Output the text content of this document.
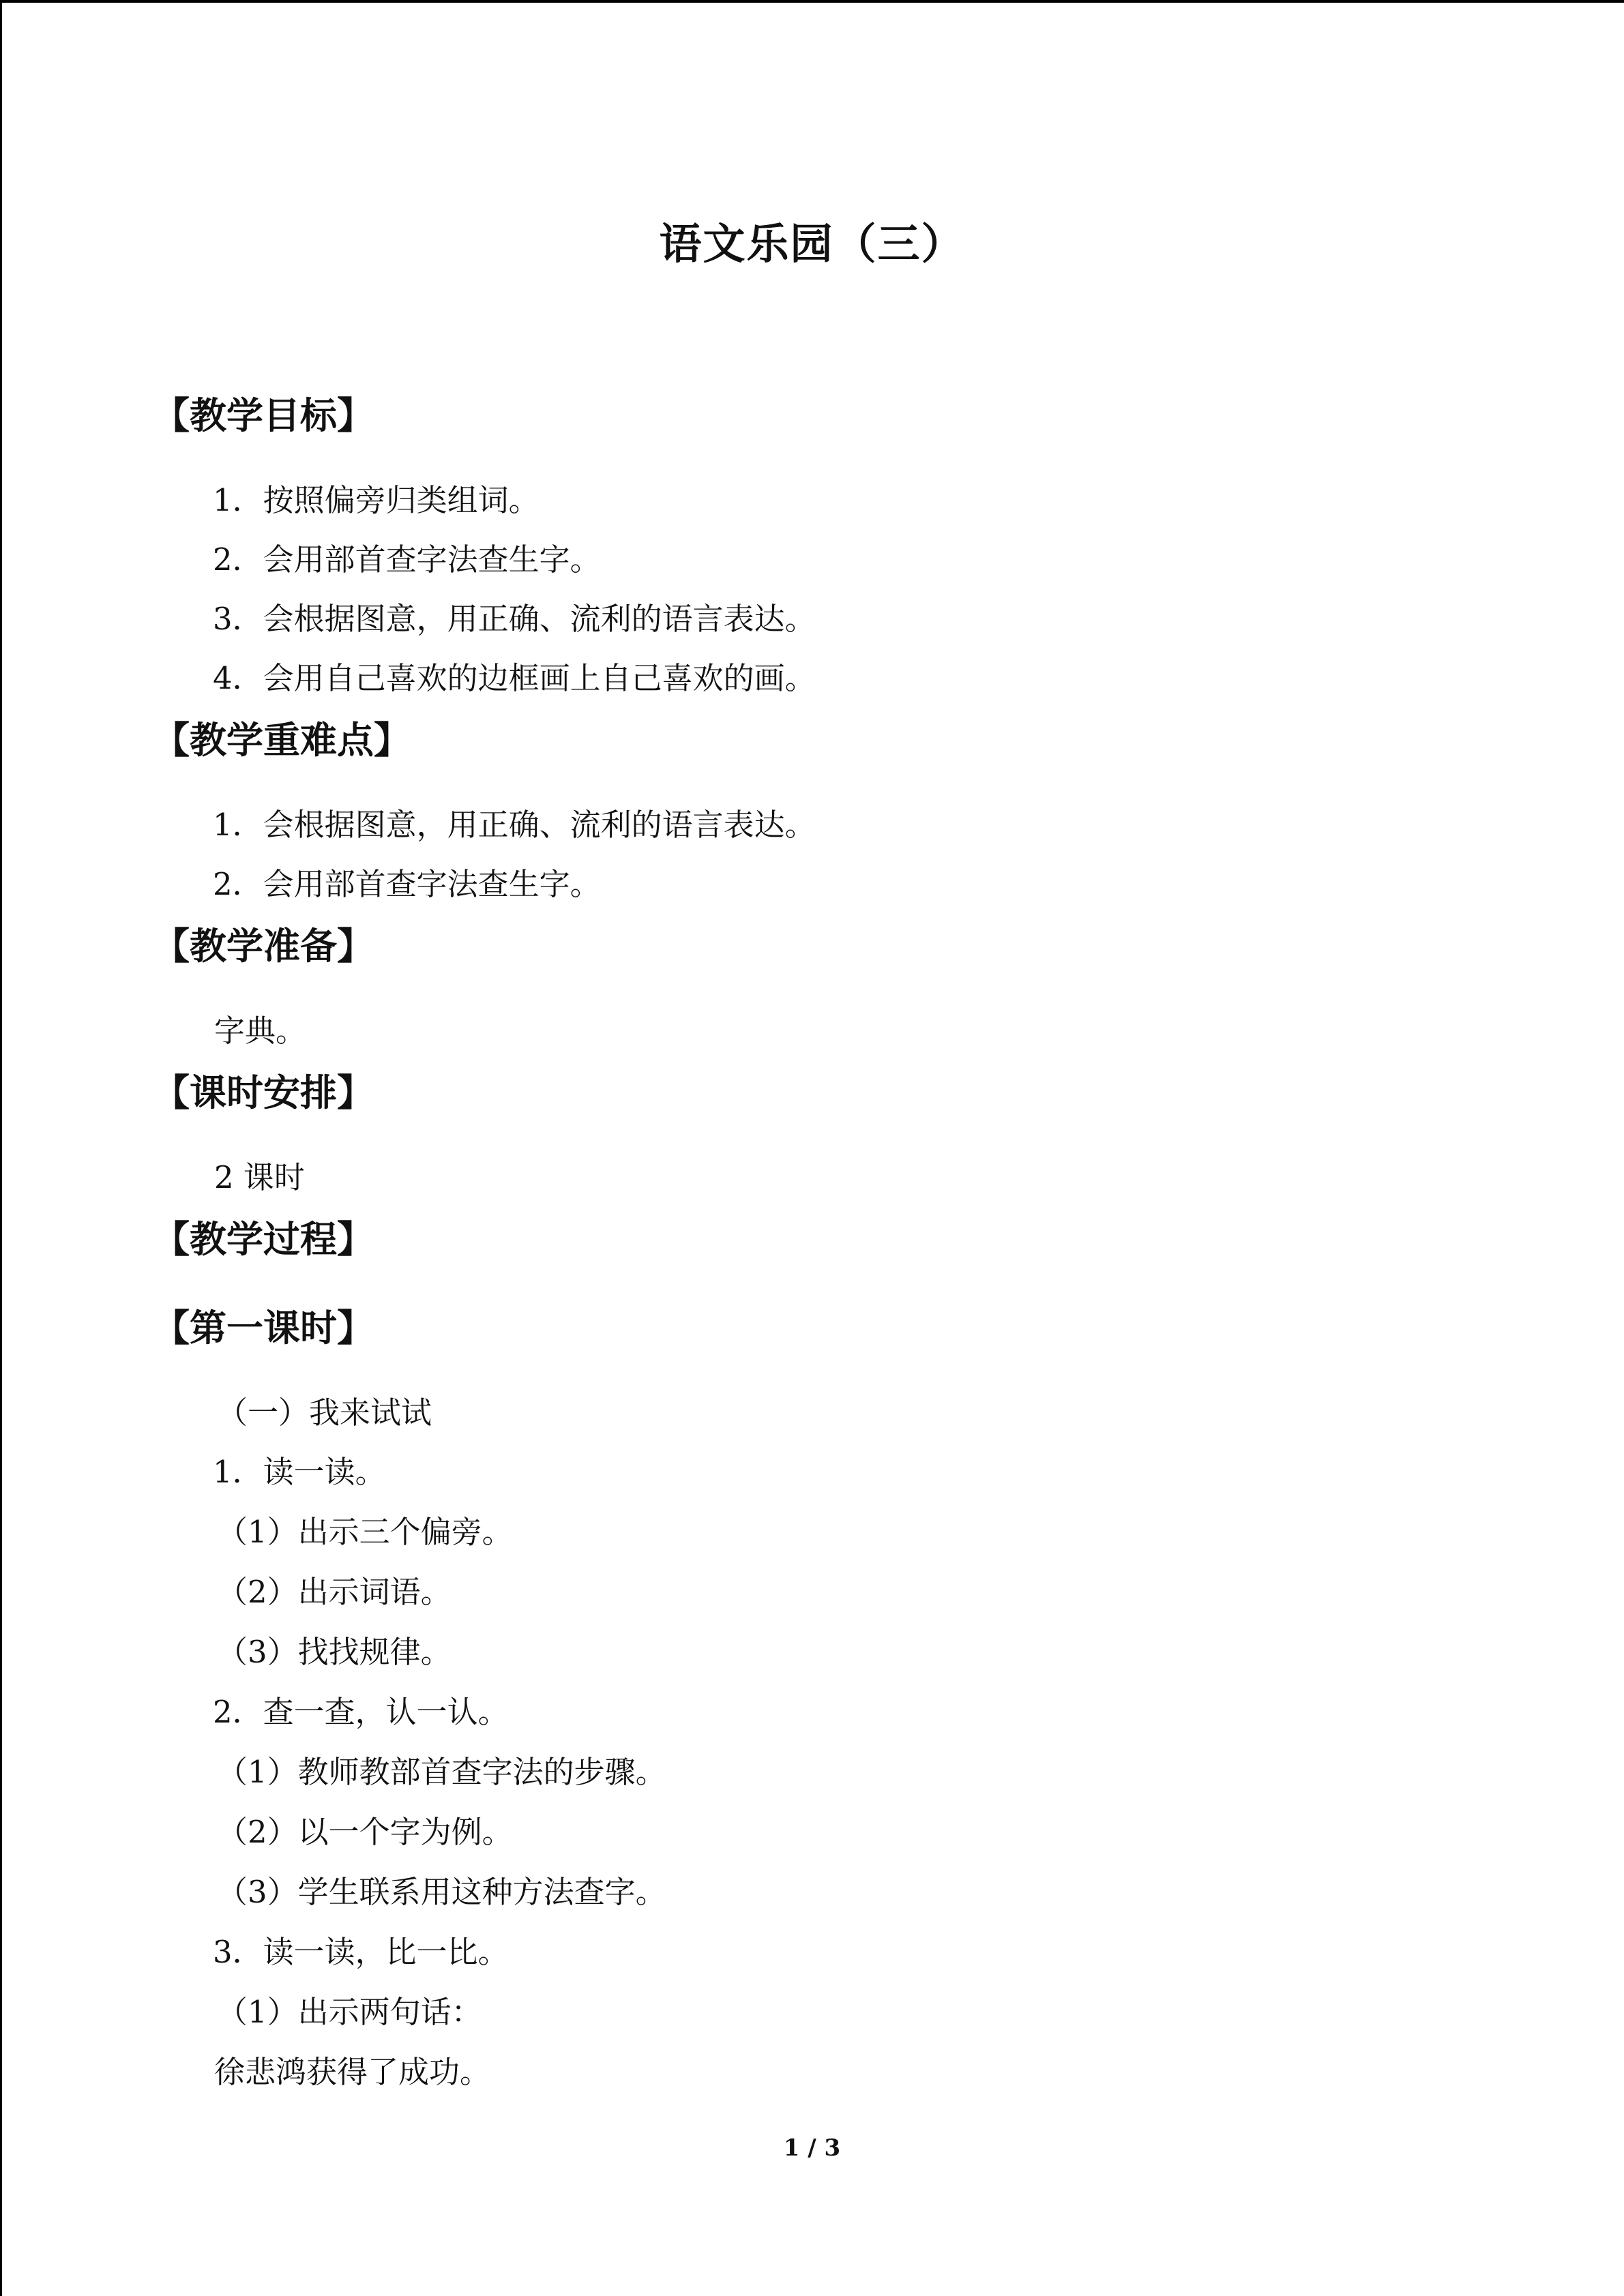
语文乐园（三）
【教学目标】
1．按照偏旁归类组词。
2．会用部首查字法查生字。
3．会根据图意，用正确、流利的语言表达。
4．会用自己喜欢的边框画上自己喜欢的画。
【教学重难点】
1．会根据图意，用正确、流利的语言表达。
2．会用部首查字法查生字。
【教学准备】
字典。
【课时安排】
2 课时
【教学过程】
【第一课时】
（一）我来试试
1．读一读。
（1）出示三个偏旁。
（2）出示词语。
（3）找找规律。
2．查一查，认一认。
（1）教师教部首查字法的步骤。
（2）以一个字为例。
（3）学生联系用这种方法查字。
3．读一读，比一比。
（1）出示两句话：
徐悲鸿获得了成功。
1 / 3
